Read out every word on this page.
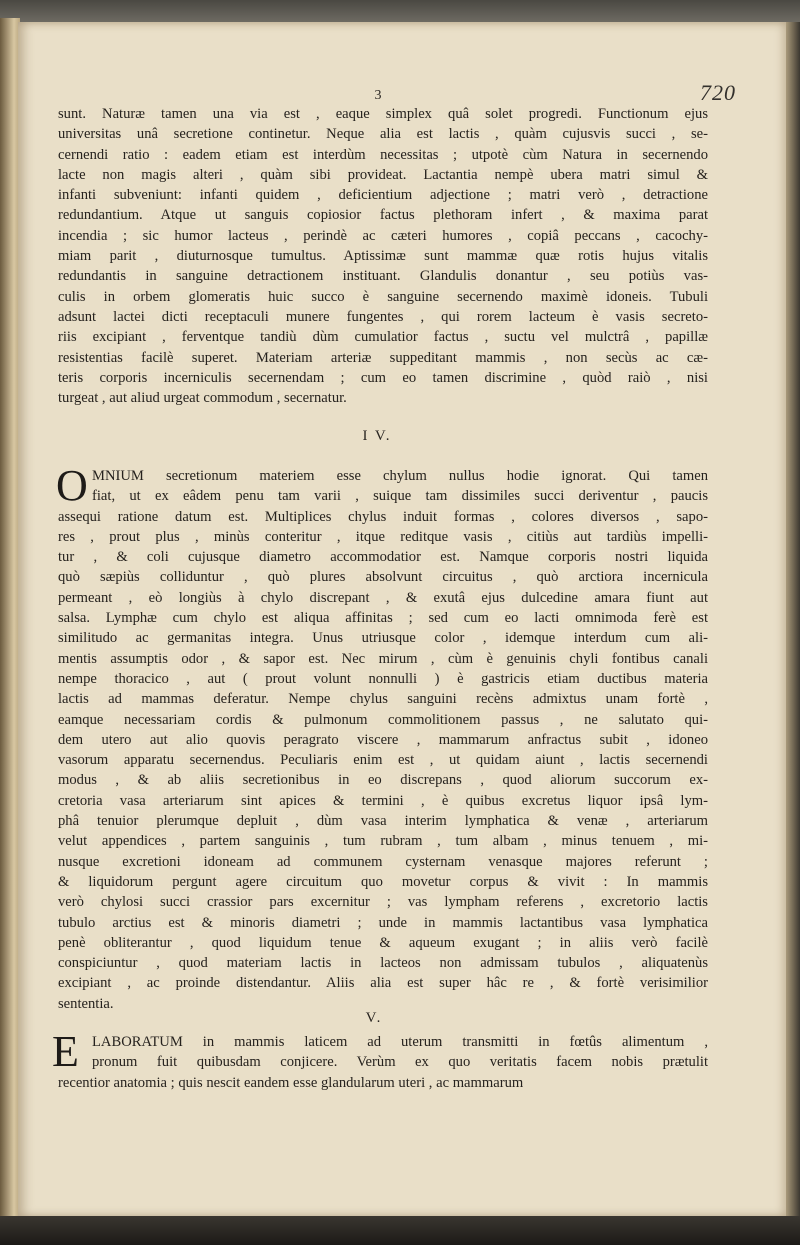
720
3
sunt. Naturæ tamen una via est , eaque simplex quâ solet progredi. Functionum ejus
universitas unâ secretione continetur. Neque alia est lactis , quàm cujusvis succi , se-
cernendi ratio : eadem etiam est interdùm necessitas ; utpotè cùm Natura in secernendo
lacte non magis alteri , quàm sibi provideat. Lactantia nempè ubera matri simul &
infanti subveniunt: infanti quidem , deficientium adjectione ; matri verò , detractione
redundantium. Atque ut sanguis copiosior factus plethoram infert , & maxima parat
incendia ; sic humor lacteus , perindè ac cæteri humores , copiâ peccans , cacochy-
miam parit , diuturnosque tumultus. Aptissimæ sunt mammæ quæ rotis hujus vitalis
redundantis in sanguine detractionem instituant. Glandulis donantur , seu potiùs vas-
culis in orbem glomeratis huic succo è sanguine secernendo maximè idoneis. Tubuli
adsunt lactei dicti receptaculi munere fungentes , qui rorem lacteum è vasis secreto-
riis excipiant , ferventque tandiù dùm cumulatior factus , suctu vel mulctrâ , papillæ
resistentias facilè superet. Materiam arteriæ suppeditant mammis , non secùs ac cæ-
teris corporis incerniculis secernendam ; cum eo tamen discrimine , quòd raiò , nisi
turgeat , aut aliud urgeat commodum , secernatur.
I V.
O MNIUM secretionum materiem esse chylum nullus hodie ignorat. Qui tamen
fiat, ut ex eâdem penu tam varii , suique tam dissimiles succi deriventur , paucis
assequi ratione datum est. Multiplices chylus induit formas , colores diversos , sapo-
res , prout plus , minùs conteritur , itque reditque vasis , citiùs aut tardiùs impelli-
tur , & coli cujusque diametro accommodatior est. Namque corporis nostri liquida
quò sæpiùs colliduntur , quò plures absolvunt circuitus , quò arctiora incernicula
permeant , eò longiùs à chylo discrepant , & exutâ ejus dulcedine amara fiunt aut
salsa. Lymphæ cum chylo est aliqua affinitas ; sed cum eo lacti omnimoda ferè est
similitudo ac germanitas integra. Unus utriusque color , idemque interdum cum ali-
mentis assumptis odor , & sapor est. Nec mirum , cùm è genuinis chyli fontibus canali
nempe thoracico , aut ( prout volunt nonnulli ) è gastricis etiam ductibus materia
lactis ad mammas deferatur. Nempe chylus sanguini recèns admixtus unam fortè ,
eamque necessariam cordis & pulmonum commolitionem passus , ne salutato qui-
dem utero aut alio quovis peragrato viscere , mammarum anfractus subit , idoneo
vasorum apparatu secernendus. Peculiaris enim est , ut quidam aiunt , lactis secernendi
modus , & ab aliis secretionibus in eo discrepans , quod aliorum succorum ex-
cretoria vasa arteriarum sint apices & termini , è quibus excretus liquor ipsâ lym-
phâ tenuior plerumque depluit , dùm vasa interim lymphatica & venæ , arteriarum
velut appendices , partem sanguinis , tum rubram , tum albam , minus tenuem , mi-
nusque excretioni idoneam ad communem cysternam venasque majores referunt ;
& liquidorum pergunt agere circuitum quo movetur corpus & vivit : In mammis
verò chylosi succi crassior pars excernitur ; vas lympham referens , excretorio lactis
tubulo arctius est & minoris diametri ; unde in mammis lactantibus vasa lymphatica
penè obliterantur , quod liquidum tenue & aqueum exugant ; in aliis verò facilè
conspiciuntur , quod materiam lactis in lacteos non admissam tubulos , aliquatenùs
excipiant , ac proinde distendantur. Aliis alia est super hâc re , & fortè verisimilior
sententia.
V.
E LABORATUM in mammis laticem ad uterum transmitti in fœtûs alimentum ,
pronum fuit quibusdam conjicere. Verùm ex quo veritatis facem nobis prætulit
recentior anatomia ; quis nescit eandem esse glandularum uteri , ac mammarum
